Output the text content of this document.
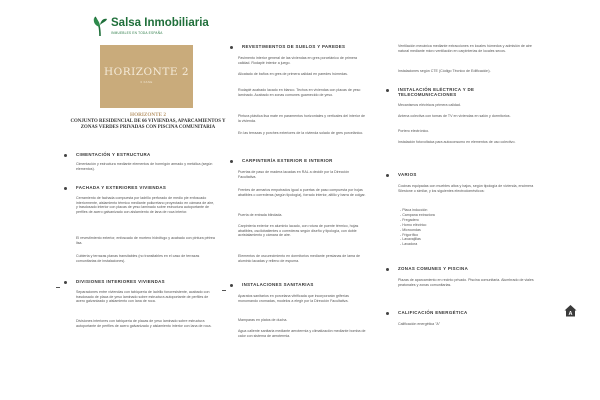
Salsa Inmobiliaria
INMUEBLES EN TODA ESPAÑA
HORIZONTE 2
3 FASE
HORIZONTE 2
CONJUNTO RESIDENCIAL DE 66 VIVIENDAS, APARCAMIENTOS Y ZONAS VERDES PRIVADAS CON PISCINA COMUNITARIA
CIMENTACIÓN Y ESTRUCTURA
Cimentación y estructura mediante elementos de hormigón armado y metálica (según elementos).
FACHADA Y EXTERIORES VIVIENDAS
Cerramiento de fachada compuesta por ladrillo perforado de medio pie enfoscado interiormente, aislamiento térmico mediante poliuretano proyectado en cámara de aire, y trasdosado interior con placas de yeso laminado sobre estructura autoportante de perfiles de acero galvanizado con aislamiento de lana de roca interior.
El revestimiento exterior, enfoscado de mortero hidrófugo y acabado con pintura pétrea lisa.
Cubierta y terrazas planas transitables (no transitables en el caso de terrazas comunitarias de instalaciones).
DIVISIONES INTERIORES VIVIENDAS
Separaciones entre viviendas con tabiquería de ladrillo fonoresistente, acabado con trasdosado de placa de yeso laminado sobre estructura autoportante de perfiles de acero galvanizado y aislamiento con lana de roca.
Divisiones interiores con tabiquería de placas de yeso laminado sobre estructura autoportante de perfiles de acero galvanizado y aislamiento interior con lana de roca.
REVESTIMIENTOS DE SUELOS Y PAREDES
Pavimento interior general de las viviendas en gres porcelánico de primera calidad. Rodapié interior a juego.
Alicatado de baños en gres de primera calidad en paredes húmedas.
Rodapié acabado lacado en blanco. Techos en viviendas con placas de yeso laminado. Acabado en zonas comunes guarnecido de yeso.
Pintura plástica lisa mate en paramentos horizontales y verticales del interior de la vivienda.
En las terrazas y porches exteriores de la vivienda solado de gres porcelánico.
CARPINTERÍA EXTERIOR E INTERIOR
Puertas de paso de madera lacadas en RAL a decidir por la Dirección Facultativa.
Frentes de armarios empotrados igual a puertas de paso compuesta por hojas abatibles o correderas (según tipología), forrado interior, altillo y barra de colgar.
Puerta de entrada blindada.
Carpintería exterior en aluminio lacado, con rotura de puente térmico, hojas abatibles, oscilobatientes o correderas según diseño y tipología, con doble acristalamiento y cámara de aire.
Elementos de oscurecimiento en dormitorios mediante persianas de lama de aluminio lacadas y relleno de espuma.
INSTALACIONES SANITARIAS
Aparatos sanitarios en porcelana vitrificada que incorporarán griferías monomando cromadas, modelos a elegir por la Dirección Facultativa.
Mamparas en platos de ducha.
Agua caliente sanitaria mediante aerotermia y climatización mediante bomba de calor con sistema de aerotermia.
Ventilación mecánica mediante extracciones en locales húmedos y admisión de aire natural mediante micro ventilación en carpinterías de locales secos.
Instalaciones según CTE (Código Técnico de Edificación).
INSTALACIÓN ELÉCTRICA Y DE TELECOMUNICACIONES
Mecanismos eléctricos primera calidad.
Antena colectiva con tomas de TV en viviendas en salón y dormitorios.
Portero electrónico.
Instalación fotovoltaica para autoconsumo en elementos de uso colectivo.
VARIOS
Cocinas equipadas con muebles altos y bajos, según tipología de vivienda, encimera Silestone o similar, y los siguientes electrodomésticos:
- Placa inducción
- Campana extractora
- Fregadero
- Horno eléctrico
- Microondas
- Frigorífico
- Lavavajillas
- Lavadora
ZONAS COMUNES Y PISCINA
Plazas de aparcamiento en recinto privado. Piscina comunitaria. Alumbrado de viales peatonales y zonas comunitarias.
CALIFICACIÓN ENERGÉTICA
Calificación energética "A"
A
